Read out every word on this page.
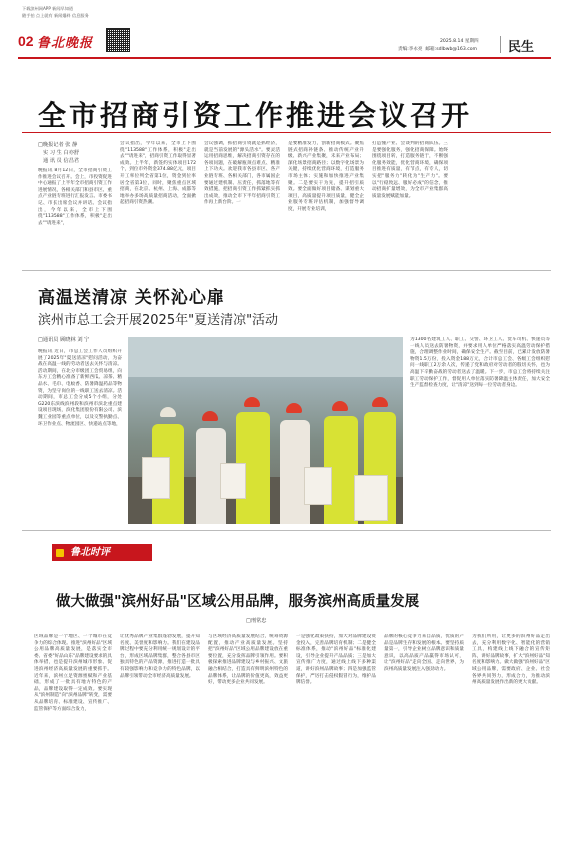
下载滨州网APP 新闻早知道
随手拍 点上就有 新闻爆料 信息服务
02 鲁北晚报	2025.8.14 星期四
责编:李永亮 邮箱:sdlbwb@163.com 民生
全市招商引资工作推进会议召开
□晚报记者 张 静
实 习 生 白亦舒
通 讯 员 信昌君
晚报讯 8月12日，全市招商引资工作推进会议召开。会上，市投资促进中心通报了上半年全市招商引资工作进展情况，各相关部门和县市区、重点产业链专班进行汇报发言。市委书记、市长出席会议并讲话。会议指出，今年以来，全市上下围绕"113588"工作体系，积极"走出去""请进来"，
会议指出，今年以来，全市上下围绕"113588"工作体系，积极"走出去""请进来"，招商引资工作取得显著成效。上半年，新签约实体项目172个，到位市外资金374.88亿元，项目开工率位列全省第1位，资金到位率居全省第3位，同时，聚焦重点区域招商，在北京、杭州、上海、成都等地举办多场高质量招商活动，全面掀起招商引资热潮。
会议强调，抓招商引资就是抓经济，就是当前发展的"源头活水"。要灵活运用招商思维，解决招商引资存在的各项问题，在破解瓶颈点难点、精准上下功夫。欢迎我市各县市区、各产业链专班、各相关部门，各市属国企要通过建机制、压责任，抓落地等有效措施，把招商引资工作抓紧抓实抓出成效，推动全市下半年招商引资工作再上新台阶。一
是要精准发力，创新招商模式。聚焦链式招商补链条、推动传统产业升级、新兴产业集聚，未来产业布局；深化场景招商路径；以数字化场景为关键，持续优化营商环境，打造服务市场主体；实施和加快推进产业集聚。二是要实干为先，提升招引质效。要全面做好项目储备、谋划重大项目，高质量提升项目质量，健全企业服务专班评估机制，加强督导调度，开展专业培训，
打造懂产业、会谈判的招商队伍。三是要强化服务，强化招商保障。始终围绕项目转，打造服务链于，不断强化服务效能，优化营商环境，确保项目推进有质量，有节点，有专人，切实把"服务力"转化为"生产力"。要以"行稳致远、服好必成"的信念，推动招商扩量增效，为全市产业集群高质量发展赋能加量。
高温送清凉 关怀沁心扉
滨州市总工会开展2025年"夏送清凉"活动
□通讯员 顾晓林 刘 宁
晚报讯 近日，市总工会工作人员组织开展了2025年"夏送清凉"慰问活动，为奋战在高温一线的劳动者送去关怀与清凉。活动期间，在北分市级团工会贸易组，向东方工会精心准备了新鲜西瓜、凉茶、精品水、毛巾、电蚊香、防暑降温药品等物资，为坚守岗位的一线职工送去清凉。活动期间，市总工会分成5个小组，分处G220东滨线滨州段和滨州市滨北重点建设项目现场，滨化集团股份有限公司、滨魏工业园等重点单位，以及交警执勤点、环卫作业点、物流园区、快递站点等地，
为1300名建筑工人、职工、交警、环卫工人、货车司机、快递员等一线人员送去防暑物资，并要求用人单位严格落实高温劳动保护措施，合理调整作业时间，确保安全生产。截至目前，已累计发放防暑物资1.5万份，投入资金188万元，合计市总工会、各级工会组织慰问一线职工2万余人次，传递了党和政府对劳动者的殷切关怀，也为高温下辛勤奋战的劳动者送去了温暖。下一步，市总工会将持续关注职工劳动保护工作，督促用人单位落实防暑降温主体责任，加大安全生产监督检查力度，让"清凉"送到每一位劳动者身边。
鲁北时评
做大做强"滨州好品"区域公用品牌，服务滨州高质量发展
□刑常忠
区域品牌是一个地区、一个城市在竞争力的综合体现。推进"滨州好品"区域公用品牌高质量发展，是落实全市委、省委"好品山东"品牌建设要求的具体举措，也是提升滨州城市形象、促进滨州经济高质量发展的重要抓手。近年来，滨州立足资源禀赋和产业基础，形成了一批具有地方特色的产品，品牌建设取得一定成效。要实现从"滨州制造"向"滨州品牌"转变，需要从品牌培育、标准建设、宣传推广、监管保护等方面综合发力，
让优秀品牌产业集群蓬勃发展，提升知名度、美誉度和影响力。我们在建设品牌过程中要充分利用统一规划设计的平台，形成区域品牌集群，整合各县市区独具特色的产品资源，推进打造一批具有较强影响力和竞争力的特色品牌，以品牌引领带动全市经济高质量发展。
与区域经济高质量发展结合，统筹资源配置，推动产业高质量发展。坚持把"滨州好品"区域公用品牌建设放在重要位置，充分发挥品牌引领作用。要积极探索推进品牌建设与乡村振兴、文旅融合相结合，打造具有鲜明滨州特色的品牌体系，让品牌的价值更高，效益更好，带动更多企业共同发展。
一是强化政策扶持，加大对品牌建设资金投入，完善品牌培育机制；二是健全标准体系，推动"滨州好品"标准化建设，引导企业提升产品品质；三是加大宣传推广力度，通过线上线下多种渠道，讲好滨州品牌故事；四是加强监管保护，严厉打击侵权假冒行为，维护品牌信誉。
品牌的核心竞争力来自品质，优质的产品是品牌生存和发展的根本。要坚持质量第一，引导企业树立品牌意识和质量意识，以高品质产品赢得市场认可，让"滨州好品"走向全国、走向世界，为滨州高质量发展注入强劲动力。
为我们所用，让更多的滨州好品走出去，充分利用数字化、智能化的营销工具，构建线上线下融合的宣传矩阵，讲好品牌故事，扩大"滨州好品"知名度和影响力。做大做强"滨州好品"区域公用品牌，需要政府、企业、社会各界共同努力，形成合力，为推动滨州高质量发展作出新的更大贡献。
